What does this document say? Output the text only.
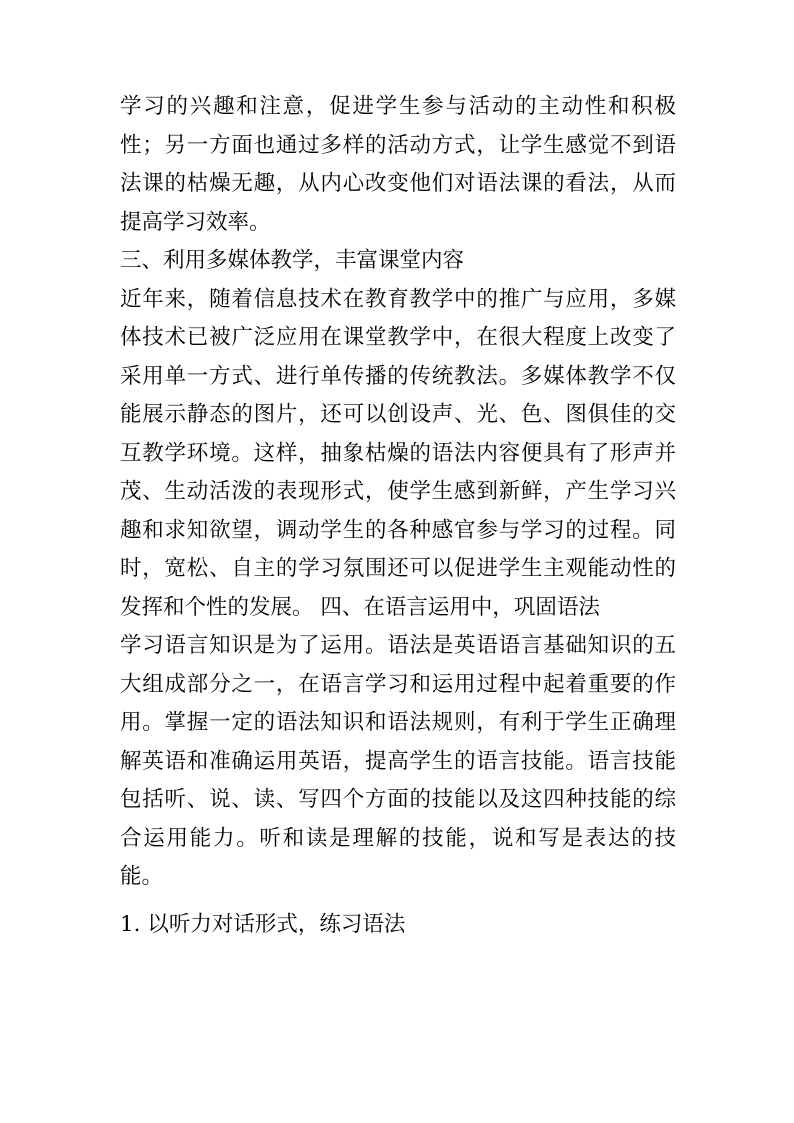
学习的兴趣和注意，促进学生参与活动的主动性和积极
性；另一方面也通过多样的活动方式，让学生感觉不到语
法课的枯燥无趣，从内心改变他们对语法课的看法，从而
提高学习效率。
三、利用多媒体教学，丰富课堂内容
近年来，随着信息技术在教育教学中的推广与应用，多媒
体技术已被广泛应用在课堂教学中，在很大程度上改变了
采用单一方式、进行单传播的传统教法。多媒体教学不仅
能展示静态的图片，还可以创设声、光、色、图俱佳的交
互教学环境。这样，抽象枯燥的语法内容便具有了形声并
茂、生动活泼的表现形式，使学生感到新鲜，产生学习兴
趣和求知欲望，调动学生的各种感官参与学习的过程。同
时，宽松、自主的学习氛围还可以促进学生主观能动性的
发挥和个性的发展。 四、在语言运用中，巩固语法
学习语言知识是为了运用。语法是英语语言基础知识的五
大组成部分之一，在语言学习和运用过程中起着重要的作
用。掌握一定的语法知识和语法规则，有利于学生正确理
解英语和准确运用英语，提高学生的语言技能。语言技能
包括听、说、读、写四个方面的技能以及这四种技能的综
合运用能力。听和读是理解的技能，说和写是表达的技
能。
1. 以听力对话形式，练习语法
